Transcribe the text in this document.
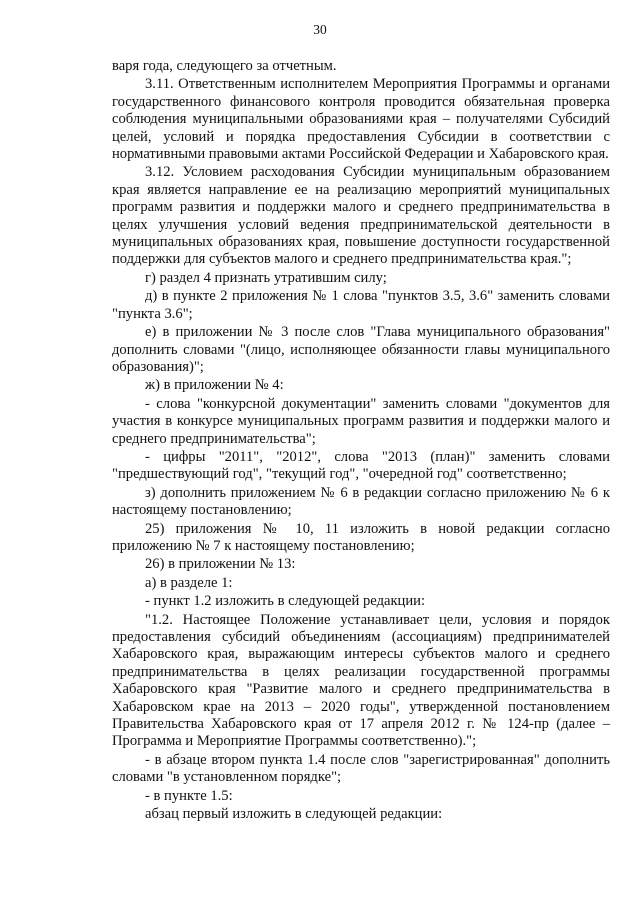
30

варя года, следующего за отчетным.

3.11. Ответственным исполнителем Мероприятия Программы и органами государственного финансового контроля проводится обязательная проверка соблюдения муниципальными образованиями края – получателями Субсидий целей, условий и порядка предоставления Субсидии в соответствии с нормативными правовыми актами Российской Федерации и Хабаровского края.

3.12. Условием расходования Субсидии муниципальным образованием края является направление ее на реализацию мероприятий муниципальных программ развития и поддержки малого и среднего предпринимательства в целях улучшения условий ведения предпринимательской деятельности в муниципальных образованиях края, повышение доступности государственной поддержки для субъектов малого и среднего предпринимательства края.";

г) раздел 4 признать утратившим силу;

д) в пункте 2 приложения № 1 слова "пунктов 3.5, 3.6" заменить словами "пункта 3.6";

е) в приложении № 3 после слов "Глава муниципального образования" дополнить словами "(лицо, исполняющее обязанности главы муниципального образования)";

ж) в приложении № 4:

- слова "конкурсной документации" заменить словами "документов для участия в конкурсе муниципальных программ развития и поддержки малого и среднего предпринимательства";

- цифры "2011", "2012", слова "2013 (план)" заменить словами "предшествующий год", "текущий год", "очередной год" соответственно;

з) дополнить приложением № 6 в редакции согласно приложению № 6 к настоящему постановлению;

25) приложения № 10, 11 изложить в новой редакции согласно приложению № 7 к настоящему постановлению;

26) в приложении № 13:

а) в разделе 1:

- пункт 1.2 изложить в следующей редакции:

"1.2. Настоящее Положение устанавливает цели, условия и порядок предоставления субсидий объединениям (ассоциациям) предпринимателей Хабаровского края, выражающим интересы субъектов малого и среднего предпринимательства в целях реализации государственной программы Хабаровского края "Развитие малого и среднего предпринимательства в Хабаровском крае на 2013 – 2020 годы", утвержденной постановлением Правительства Хабаровского края от 17 апреля 2012 г. № 124-пр (далее – Программа и Мероприятие Программы соответственно).";

- в абзаце втором пункта 1.4 после слов "зарегистрированная" дополнить словами "в установленном порядке";

- в пункте 1.5:

абзац первый изложить в следующей редакции:
